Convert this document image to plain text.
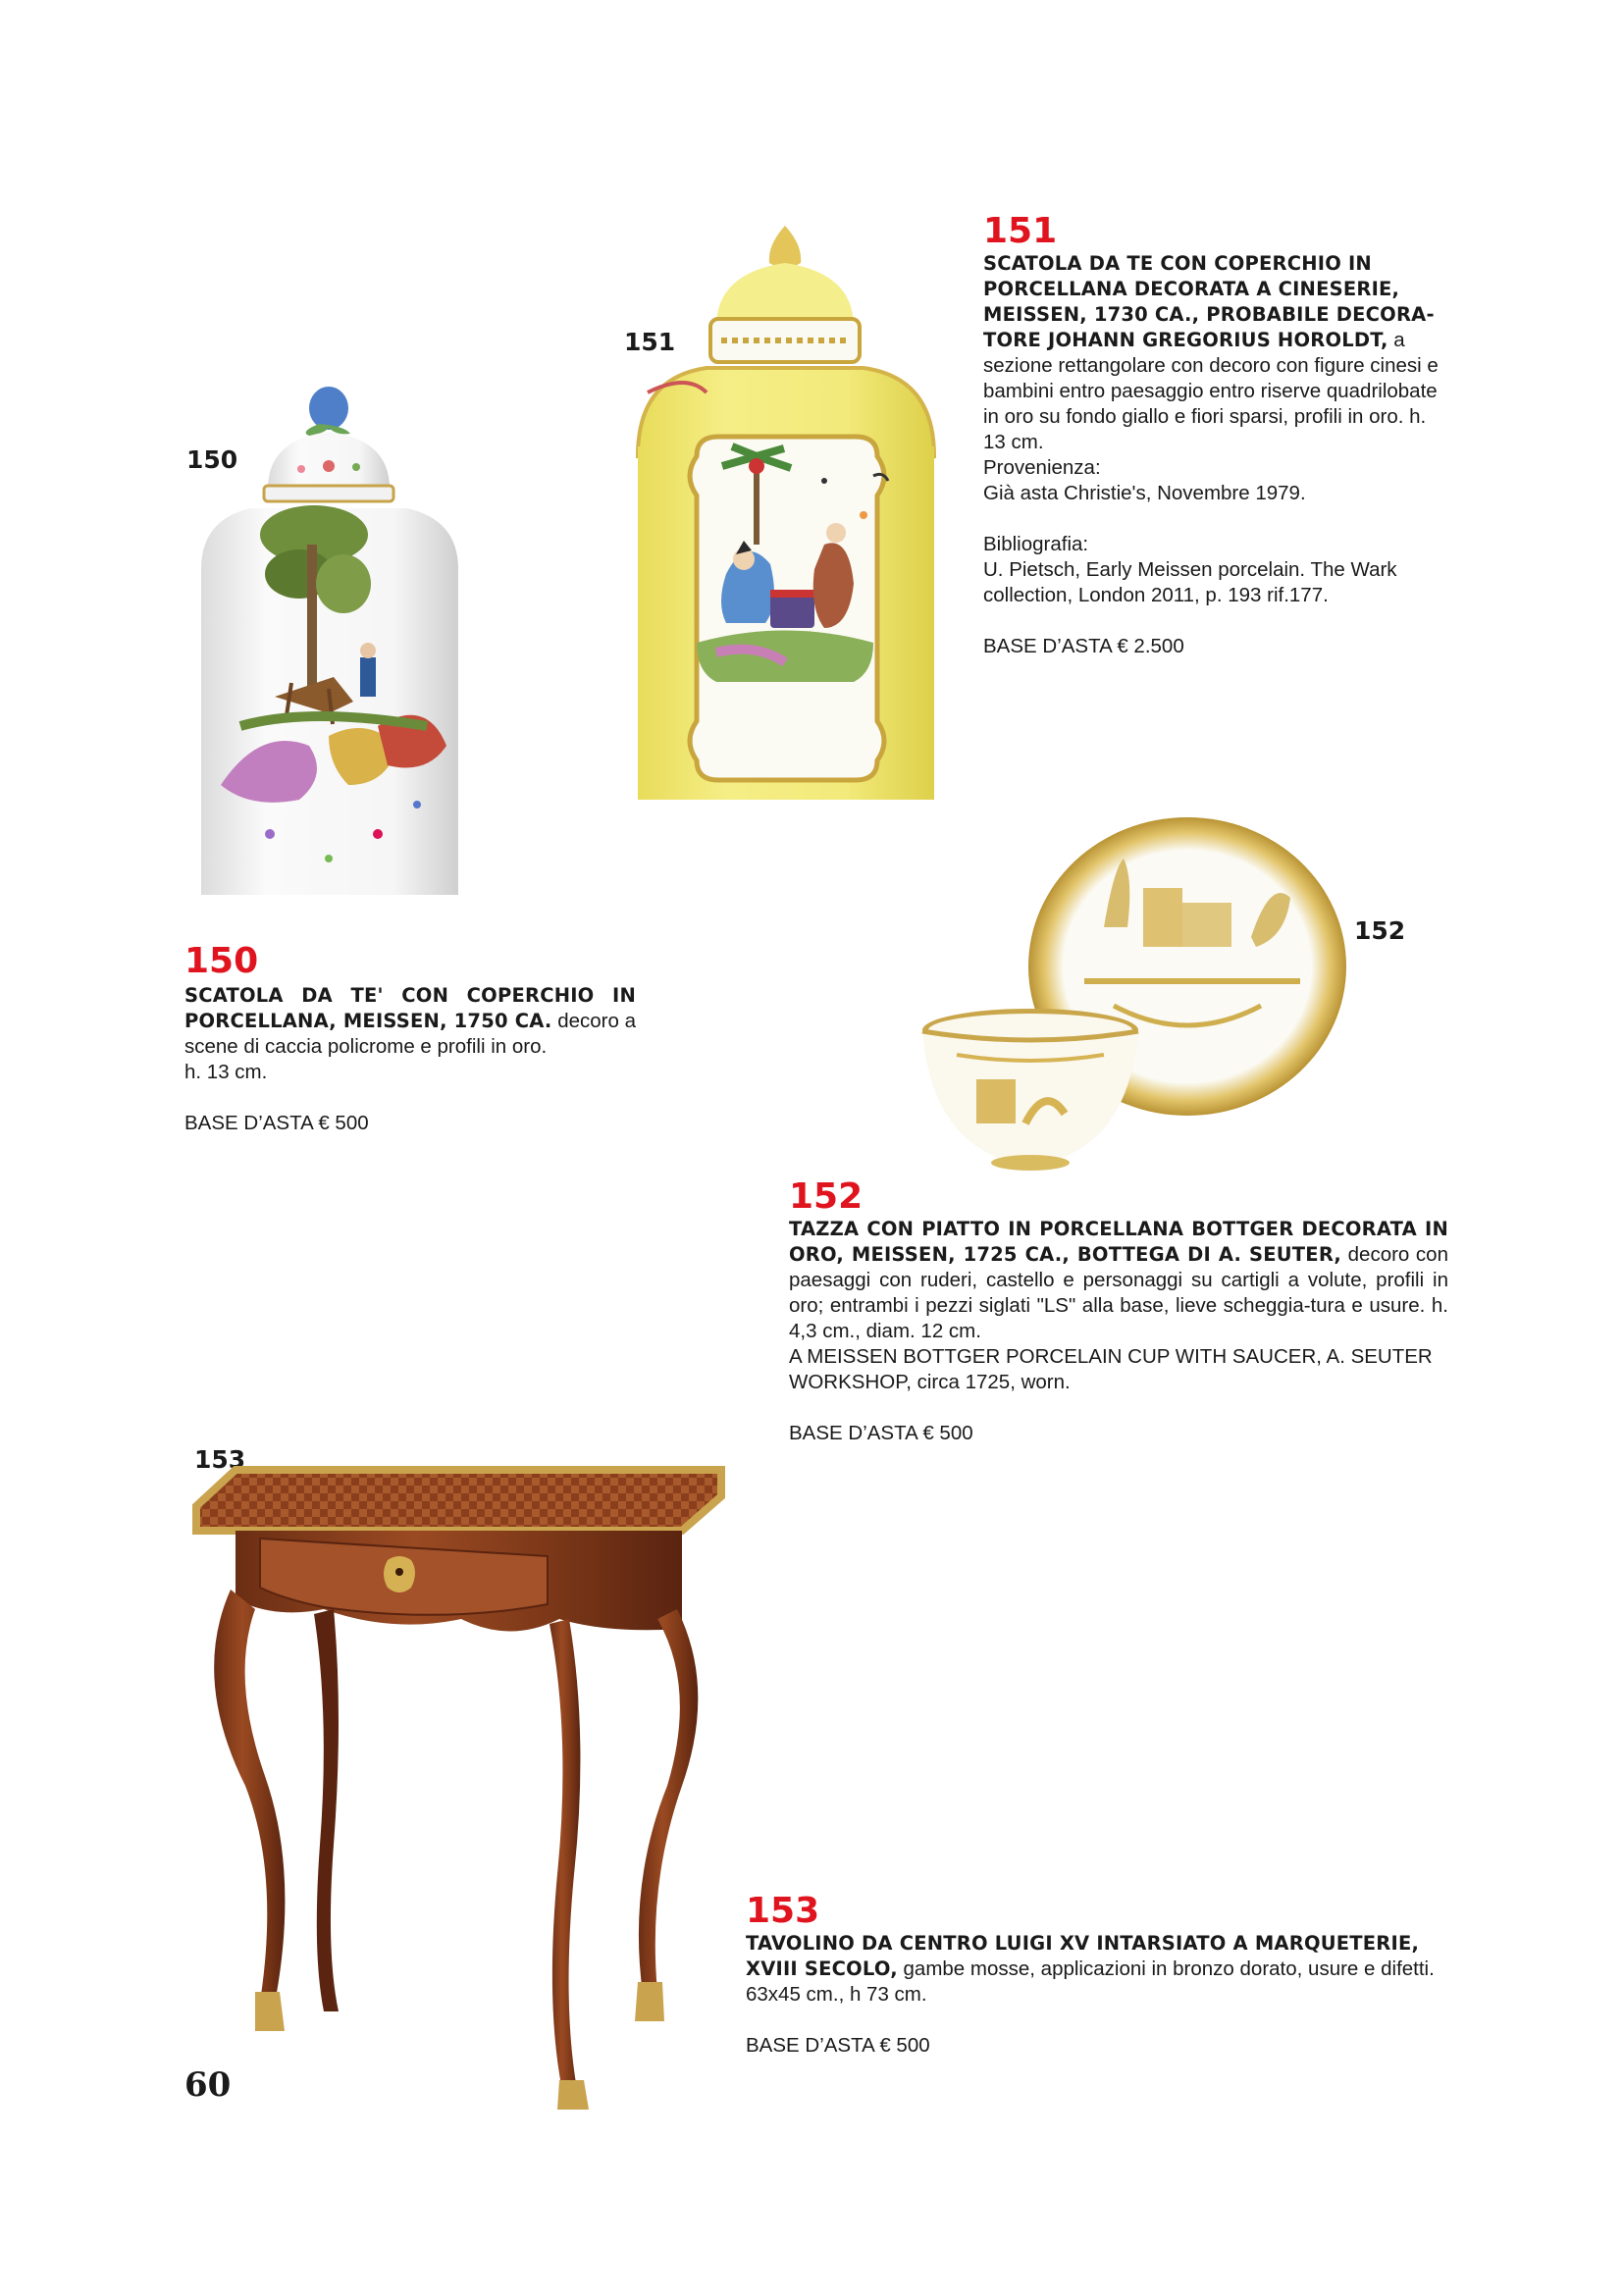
150
151
151

SCATOLA DA TE CON COPERCHIO IN PORCELLANA DECORATA A CINESERIE, MEISSEN, 1730 CA., PROBABILE DECORA-TORE JOHANN GREGORIUS HOROLDT, a sezione rettangolare con decoro con figure cinesi e bambini entro paesaggio entro riserve quadrilobate in oro su fondo giallo e fiori sparsi, profili in oro. h. 13 cm.

Provenienza:

Già asta Christie's, Novembre 1979.

Bibliografia:

U. Pietsch, Early Meissen porcelain. The Wark collection, London 2011, p. 193 rif.177.

BASE D’ASTA € 2.500

150

SCATOLA DA TE' CON COPERCHIO IN PORCELLANA, MEISSEN, 1750 CA. decoro a scene di caccia policrome e profili in oro.

h. 13 cm.

BASE D’ASTA € 500

152
152

TAZZA CON PIATTO IN PORCELLANA BOTTGER DECORATA IN ORO, MEISSEN, 1725 CA., BOTTEGA DI A. SEUTER, decoro con paesaggi con ruderi, castello e personaggi su cartigli a volute, profili in oro; entrambi i pezzi siglati "LS" alla base, lieve scheggia-tura e usure. h. 4,3 cm., diam. 12 cm.

A MEISSEN BOTTGER PORCELAIN CUP WITH SAUCER, A. SEUTER WORKSHOP, circa 1725, worn.

BASE D’ASTA € 500

153
153

TAVOLINO DA CENTRO LUIGI XV INTARSIATO A MARQUETERIE, XVIII SECOLO, gambe mosse, applicazioni in bronzo dorato, usure e difetti.

63x45 cm., h 73 cm.

BASE D’ASTA € 500

60
